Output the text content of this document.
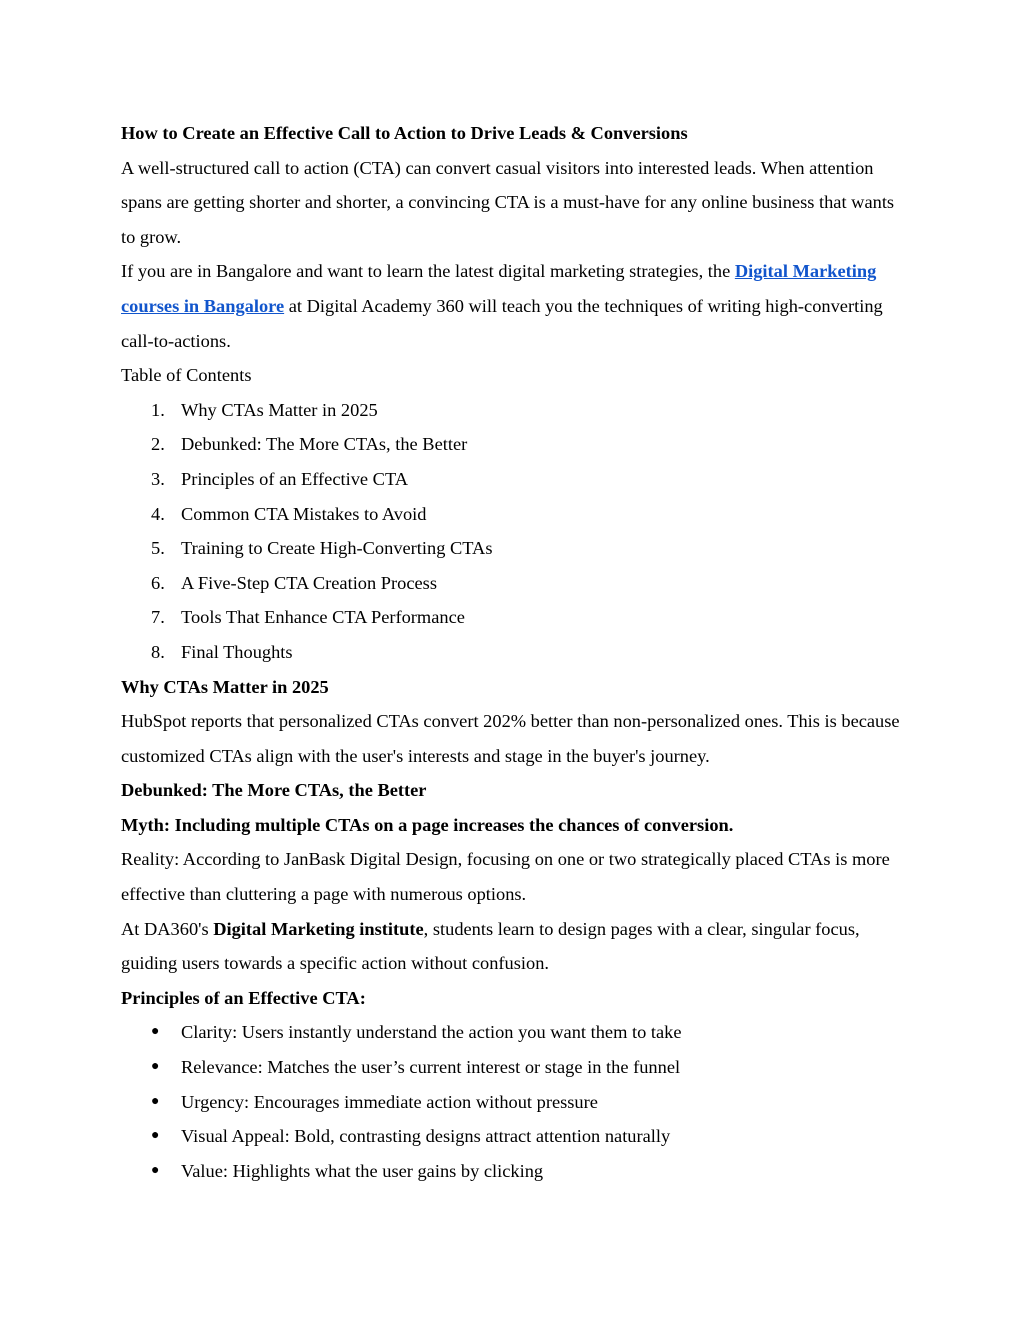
How to Create an Effective Call to Action to Drive Leads & Conversions

A well-structured call to action (CTA) can convert casual visitors into interested leads. When attention spans are getting shorter and shorter, a convincing CTA is a must-have for any online business that wants to grow.

If you are in Bangalore and want to learn the latest digital marketing strategies, the Digital Marketing courses in Bangalore at Digital Academy 360 will teach you the techniques of writing high-converting call-to-actions.

Table of Contents

1. Why CTAs Matter in 2025
2. Debunked: The More CTAs, the Better
3. Principles of an Effective CTA
4. Common CTA Mistakes to Avoid
5. Training to Create High-Converting CTAs
6. A Five-Step CTA Creation Process
7. Tools That Enhance CTA Performance
8. Final Thoughts

Why CTAs Matter in 2025

HubSpot reports that personalized CTAs convert 202% better than non-personalized ones. This is because customized CTAs align with the user's interests and stage in the buyer's journey.

Debunked: The More CTAs, the Better

Myth: Including multiple CTAs on a page increases the chances of conversion.

Reality: According to JanBask Digital Design, focusing on one or two strategically placed CTAs is more effective than cluttering a page with numerous options.

At DA360's Digital Marketing institute, students learn to design pages with a clear, singular focus, guiding users towards a specific action without confusion.

Principles of an Effective CTA:

● Clarity: Users instantly understand the action you want them to take
● Relevance: Matches the user’s current interest or stage in the funnel
● Urgency: Encourages immediate action without pressure
● Visual Appeal: Bold, contrasting designs attract attention naturally
● Value: Highlights what the user gains by clicking
